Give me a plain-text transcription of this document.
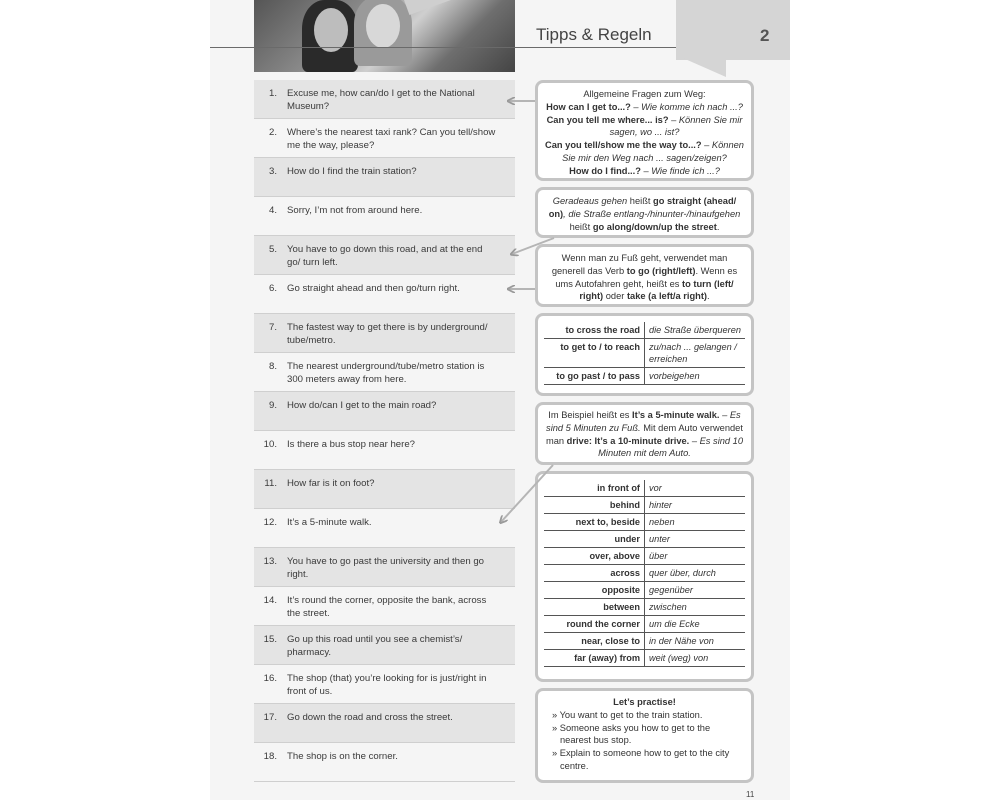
Tipps & Regeln	2
1. Excuse me, how can/do I get to the National Museum?
2. Where’s the nearest taxi rank? Can you tell/show me the way, please?
3. How do I find the train station?
4. Sorry, I’m not from around here.
5. You have to go down this road, and at the end go/ turn left.
6. Go straight ahead and then go/turn right.
7. The fastest way to get there is by underground/ tube/metro.
8. The nearest underground/tube/metro station is 300 meters away from here.
9. How do/can I get to the main road?
10. Is there a bus stop near here?
11. How far is it on foot?
12. It’s a 5-minute walk.
13. You have to go past the university and then go right.
14. It’s round the corner, opposite the bank, across the street.
15. Go up this road until you see a chemist’s/ pharmacy.
16. The shop (that) you’re looking for is just/right in front of us.
17. Go down the road and cross the street.
18. The shop is on the corner.
Allgemeine Fragen zum Weg:
How can I get to...? – Wie komme ich nach ...?
Can you tell me where... is? – Können Sie mir sagen, wo ... ist?
Can you tell/show me the way to...? – Können Sie mir den Weg nach ... sagen/zeigen?
How do I find...? – Wie finde ich ...?
Geradeaus gehen heißt go straight (ahead/ on), die Straße entlang-/hinunter-/hinaufgehen heißt go along/down/up the street.
Wenn man zu Fuß geht, verwendet man generell das Verb to go (right/left). Wenn es ums Autofahren geht, heißt es to turn (left/ right) oder take (a left/a right).
to cross the road	die Straße überqueren
to get to / to reach	zu/nach ... gelangen / erreichen
to go past / to pass	vorbeigehen
Im Beispiel heißt es It’s a 5-minute walk. – Es sind 5 Minuten zu Fuß. Mit dem Auto verwendet man drive: It’s a 10-minute drive. – Es sind 10 Minuten mit dem Auto.
in front of	vor
behind	hinter
next to, beside	neben
under	unter
over, above	über
across	quer über, durch
opposite	gegenüber
between	zwischen
round the corner	um die Ecke
near, close to	in der Nähe von
far (away) from	weit (weg) von
Let’s practise!
» You want to get to the train station.
» Someone asks you how to get to the nearest bus stop.
» Explain to someone how to get to the city centre.
11
